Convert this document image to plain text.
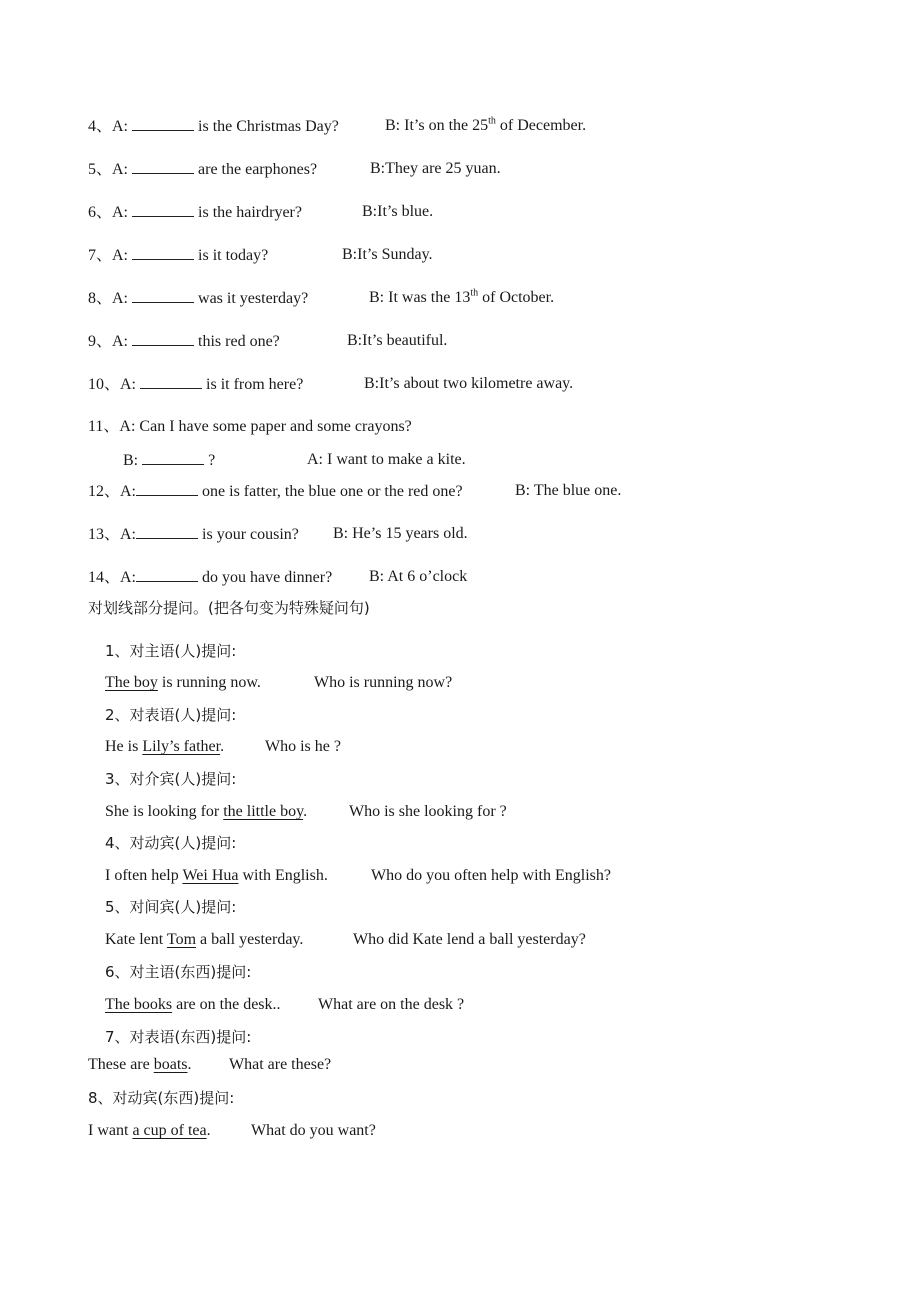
4、A:	is the Christmas Day?	B: It’s on the 25th of December.
5、A:	are the earphones?	B:They are 25 yuan.
6、A:	is the hairdryer?	B:It’s blue.
7、A:	is it today?	B:It’s Sunday.
8、A:	was it yesterday?	B: It was the 13th of October.
9、A:	this red one?	B:It’s beautiful.
10、A:	is it from here?	B:It’s about two kilometre away.
11、A: Can I have some paper and some crayons?
B:	?	A: I want to make a kite.
12、A:	one is fatter, the blue one or the red one?	B: The blue one.
13、A:	is your cousin? B: He’s 15 years old.
14、A:	do you have dinner? B: At 6 o’clock
对划线部分提问。(把各句变为特殊疑问句)
1、对主语(人)提问:
The boy is running now.	Who is running now?
2、对表语(人)提问:
He is Lily’s father.	Who is he ?
3、对介宾(人)提问:
She is looking for the little boy.	Who is she looking for ?
4、对动宾(人)提问:
I often help Wei Hua with English.	Who do you often help with English?
5、对间宾(人)提问:
Kate lent Tom a ball yesterday.	Who did Kate lend a ball yesterday?
6、对主语(东西)提问:
The books are on the desk.. What are on the desk ?
7、对表语(东西)提问:
These are boats. What are these?
8、对动宾(东西)提问:
I want a cup of tea.	What do you want?
